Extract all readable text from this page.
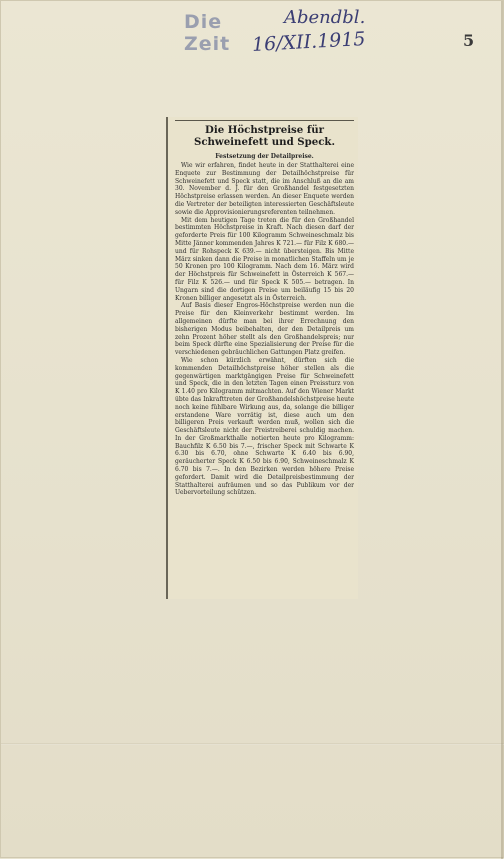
Die Zeit
Abendbl.
16/XII.1915	5
Die Höchstpreise für Schweinefett und Speck.
Festsetzung der Detailpreise.

Wie wir erfahren, findet heute in der Statthalterei eine Enquete zur Bestimmung der Detailhöchstpreise für Schweinefett und Speck statt, die im Anschluß an die am 30. November d. J. für den Großhandel festgesetzten Höchstpreise erlassen werden. An dieser Enquete werden die Vertreter der beteiligten interessierten Geschäftsleute sowie die Approvisionierungsreferenten teilnehmen.

Mit dem heutigen Tage treten die für den Großhandel bestimmten Höchstpreise in Kraft. Nach diesen darf der geforderte Preis für 100 Kilogramm Schweineschmalz bis Mitte Jänner kommenden Jahres K 721.— für Filz K 680.— und für Rohspeck K 639.— nicht übersteigen. Bis Mitte März sinken dann die Preise in monatlichen Staffeln um je 50 Kronen pro 100 Kilogramm. Nach dem 16. März wird der Höchstpreis für Schweinefett in Österreich K 567.— für Filz K 526.— und für Speck K 505.— betragen. In Ungarn sind die dortigen Preise um beiläufig 15 bis 20 Kronen billiger angesetzt als in Österreich.

Auf Basis dieser Engros-Höchstpreise werden nun die Preise für den Kleinverkehr bestimmt werden. Im allgemeinen dürfte man bei ihrer Errechnung den bisherigen Modus beibehalten, der den Detailpreis um zehn Prozent höher stellt als den Großhandelspreis; nur beim Speck dürfte eine Spezialisierung der Preise für die verschiedenen gebräuchlichen Gattungen Platz greifen.

Wie schon kürzlich erwähnt, dürften sich die kommenden Detailhöchstpreise höher stellen als die gegenwärtigen marktgängigen Preise für Schweinefett und Speck, die in den letzten Tagen einen Preissturz von K 1.40 pro Kilogramm mitmachten. Auf den Wiener Markt übte das Inkrafttreten der Großhandelshöchstpreise heute noch keine fühlbare Wirkung aus, da, solange die billiger erstandene Ware vorrätig ist, diese auch um den billigeren Preis verkauft werden muß, wollen sich die Geschäftsleute nicht der Preistreiberei schuldig machen. In der Großmarkthalle notierten heute pro Kilogramm: Bauchfilz K 6.50 bis 7.—, frischer Speck mit Schwarte K 6.30 bis 6.70, ohne Schwarte K 6.40 bis 6.90, geräucherter Speck K 6.50 bis 6.90, Schweineschmalz K 6.70 bis 7.—. In den Bezirken werden höhere Preise gefordert. Damit wird die Detailpreisbestimmung der Statthalterei aufräumen und so das Publikum vor der Uebervorteilung schützen.
